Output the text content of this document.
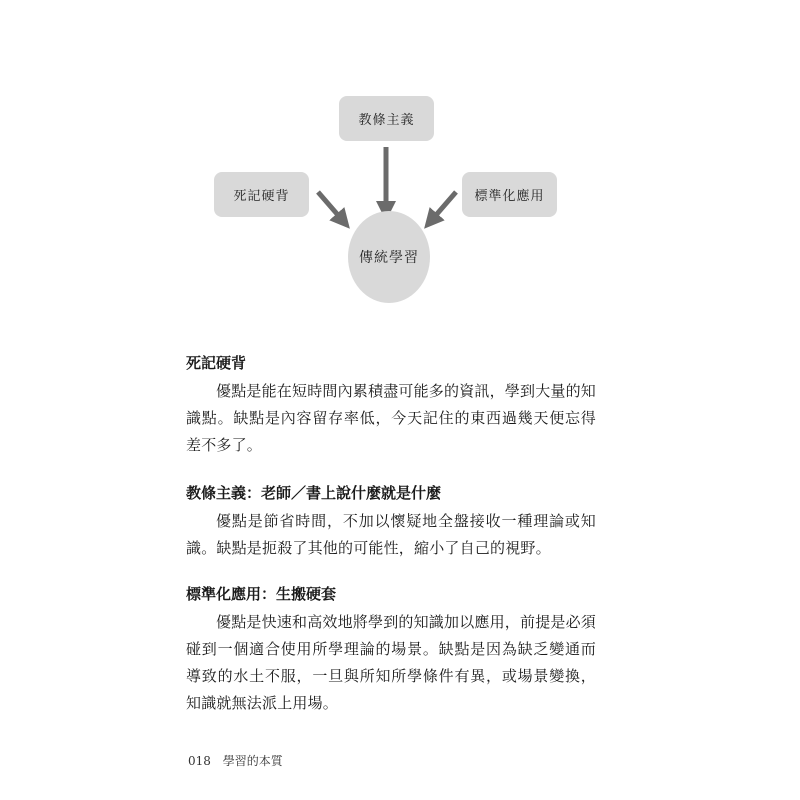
教條主義
死記硬背	標準化應用
傳統學習

死記硬背

優點是能在短時間內累積盡可能多的資訊，學到大量的知識點。缺點是內容留存率低，今天記住的東西過幾天便忘得差不多了。

教條主義：老師／書上說什麼就是什麼

優點是節省時間，不加以懷疑地全盤接收一種理論或知識。缺點是扼殺了其他的可能性，縮小了自己的視野。

標準化應用：生搬硬套

優點是快速和高效地將學到的知識加以應用，前提是必須碰到一個適合使用所學理論的場景。缺點是因為缺乏變通而導致的水土不服，一旦與所知所學條件有異，或場景變換，知識就無法派上用場。

018 學習的本質
